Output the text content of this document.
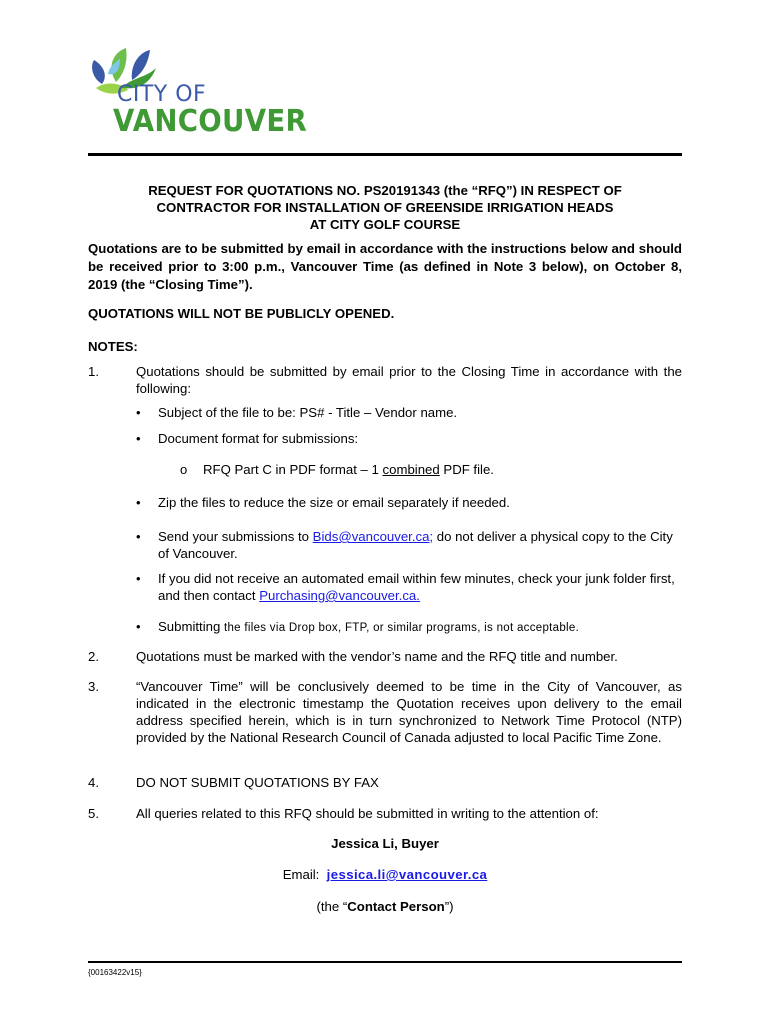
CITY OF
VANCOUVER
REQUEST FOR QUOTATIONS NO. PS20191343 (the “RFQ”) IN RESPECT OF
CONTRACTOR FOR INSTALLATION OF GREENSIDE IRRIGATION HEADS
AT CITY GOLF COURSE
Quotations are to be submitted by email in accordance with the instructions below and should be received prior to 3:00 p.m., Vancouver Time (as defined in Note 3 below), on October 8, 2019 (the “Closing Time”).
QUOTATIONS WILL NOT BE PUBLICLY OPENED.
NOTES:
1.	Quotations should be submitted by email prior to the Closing Time in accordance with the following:
• Subject of the file to be: PS# - Title – Vendor name.
• Document format for submissions:
o RFQ Part C in PDF format – 1 combined PDF file.
• Zip the files to reduce the size or email separately if needed.
• Send your submissions to Bids@vancouver.ca; do not deliver a physical copy to the City of Vancouver.
• If you did not receive an automated email within few minutes, check your junk folder first, and then contact Purchasing@vancouver.ca.
• Submitting the files via Drop box, FTP, or similar programs, is not acceptable.
2.	Quotations must be marked with the vendor’s name and the RFQ title and number.
3.	“Vancouver Time” will be conclusively deemed to be time in the City of Vancouver, as indicated in the electronic timestamp the Quotation receives upon delivery to the email address specified herein, which is in turn synchronized to Network Time Protocol (NTP) provided by the National Research Council of Canada adjusted to local Pacific Time Zone.
4.	DO NOT SUBMIT QUOTATIONS BY FAX
5.	All queries related to this RFQ should be submitted in writing to the attention of:
Jessica Li, Buyer
Email: jessica.li@vancouver.ca
(the “Contact Person”)
{00163422v15}
